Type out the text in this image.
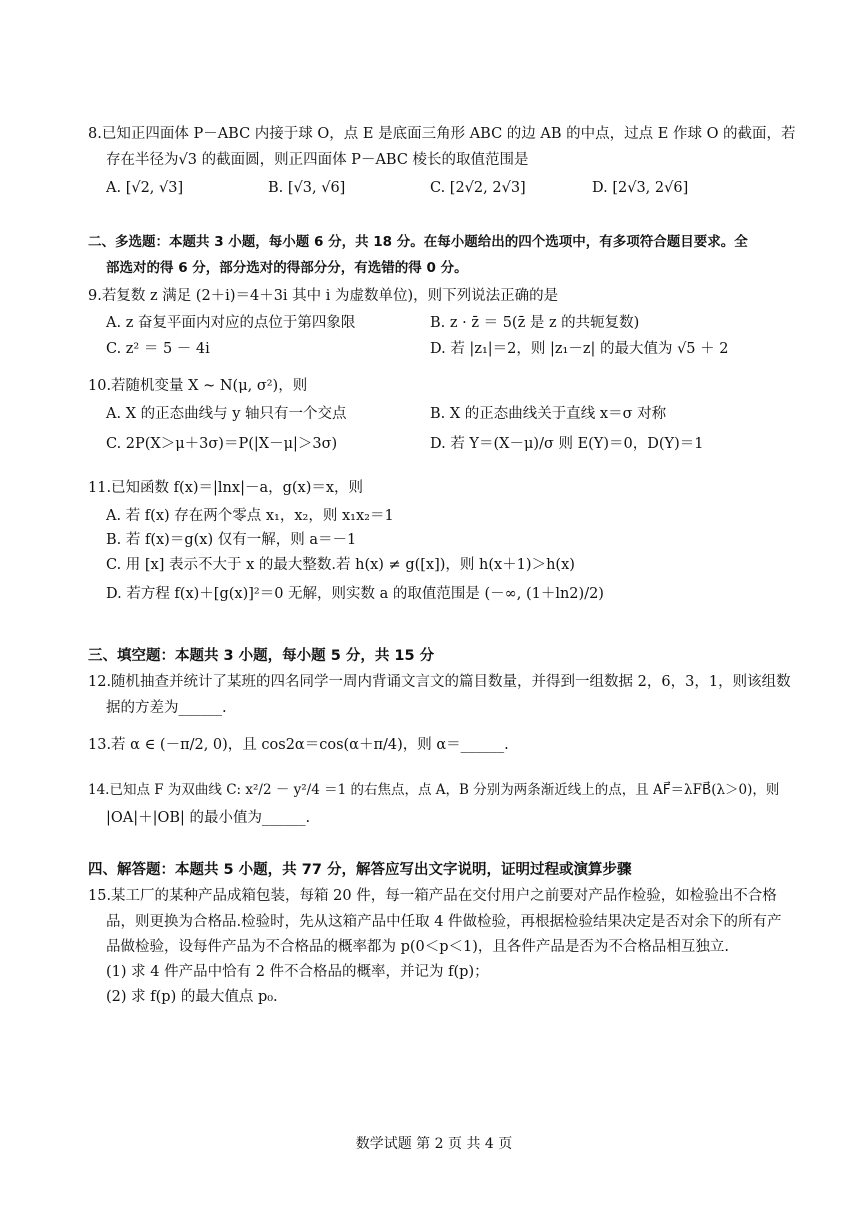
8.已知正四面体 P－ABC 内接于球 O，点 E 是底面三角形 ABC 的边 AB 的中点，过点 E 作球 O 的截面，若
存在半径为√3 的截面圆，则正四面体 P－ABC 棱长的取值范围是
A. [√2, √3]	B. [√3, √6]	C. [2√2, 2√3]	D. [2√3, 2√6]
二、多选题：本题共 3 小题，每小题 6 分，共 18 分。在每小题给出的四个选项中，有多项符合题目要求。全
部选对的得 6 分，部分选对的得部分分，有选错的得 0 分。
9.若复数 z 满足 (2＋i)＝4＋3i 其中 i 为虚数单位)，则下列说法正确的是
A. z 奋复平面内对应的点位于第四象限	B. z · z̄ ＝ 5(z̄ 是 z 的共轭复数)
C. z² ＝ 5 － 4i	D. 若 |z₁|＝2，则 |z₁－z| 的最大值为 √5 ＋ 2
10.若随机变量 X ~ N(μ, σ²)，则
A. X 的正态曲线与 y 轴只有一个交点	B. X 的正态曲线关于直线 x＝σ 对称
C. 2P(X＞μ＋3σ)＝P(|X－μ|＞3σ)	D. 若 Y＝(X－μ)/σ 则 E(Y)＝0，D(Y)＝1
11.已知函数 f(x)＝|lnx|－a，g(x)＝x，则
A. 若 f(x) 存在两个零点 x₁，x₂，则 x₁x₂＝1
B. 若 f(x)＝g(x) 仅有一解，则 a＝－1
C. 用 [x] 表示不大于 x 的最大整数.若 h(x) ≠ g([x])，则 h(x＋1)＞h(x)
D. 若方程 f(x)＋[g(x)]²＝0 无解，则实数 a 的取值范围是 (－∞, (1＋ln2)/2)
三、填空题：本题共 3 小题，每小题 5 分，共 15 分
12.随机抽查并统计了某班的四名同学一周内背诵文言文的篇目数量，并得到一组数据 2，6，3，1，则该组数
据的方差为______.
13.若 α ∈ (－π/2, 0)，且 cos2α＝cos(α＋π/4)，则 α＝______.
14.已知点 F 为双曲线 C: x²/2 － y²/4 ＝1 的右焦点，点 A，B 分别为两条渐近线上的点，且 AF⃗＝λFB⃗(λ＞0)，则
|OA|＋|OB| 的最小值为______.
四、解答题：本题共 5 小题，共 77 分，解答应写出文字说明，证明过程或演算步骤
15.某工厂的某种产品成箱包装，每箱 20 件，每一箱产品在交付用户之前要对产品作检验，如检验出不合格
品，则更换为合格品.检验时，先从这箱产品中任取 4 件做检验，再根据检验结果决定是否对余下的所有产
品做检验，设每件产品为不合格品的概率都为 p(0＜p＜1)，且各件产品是否为不合格品相互独立.
(1) 求 4 件产品中恰有 2 件不合格品的概率，并记为 f(p)；
(2) 求 f(p) 的最大值点 p₀.
数学试题 第 2 页 共 4 页
